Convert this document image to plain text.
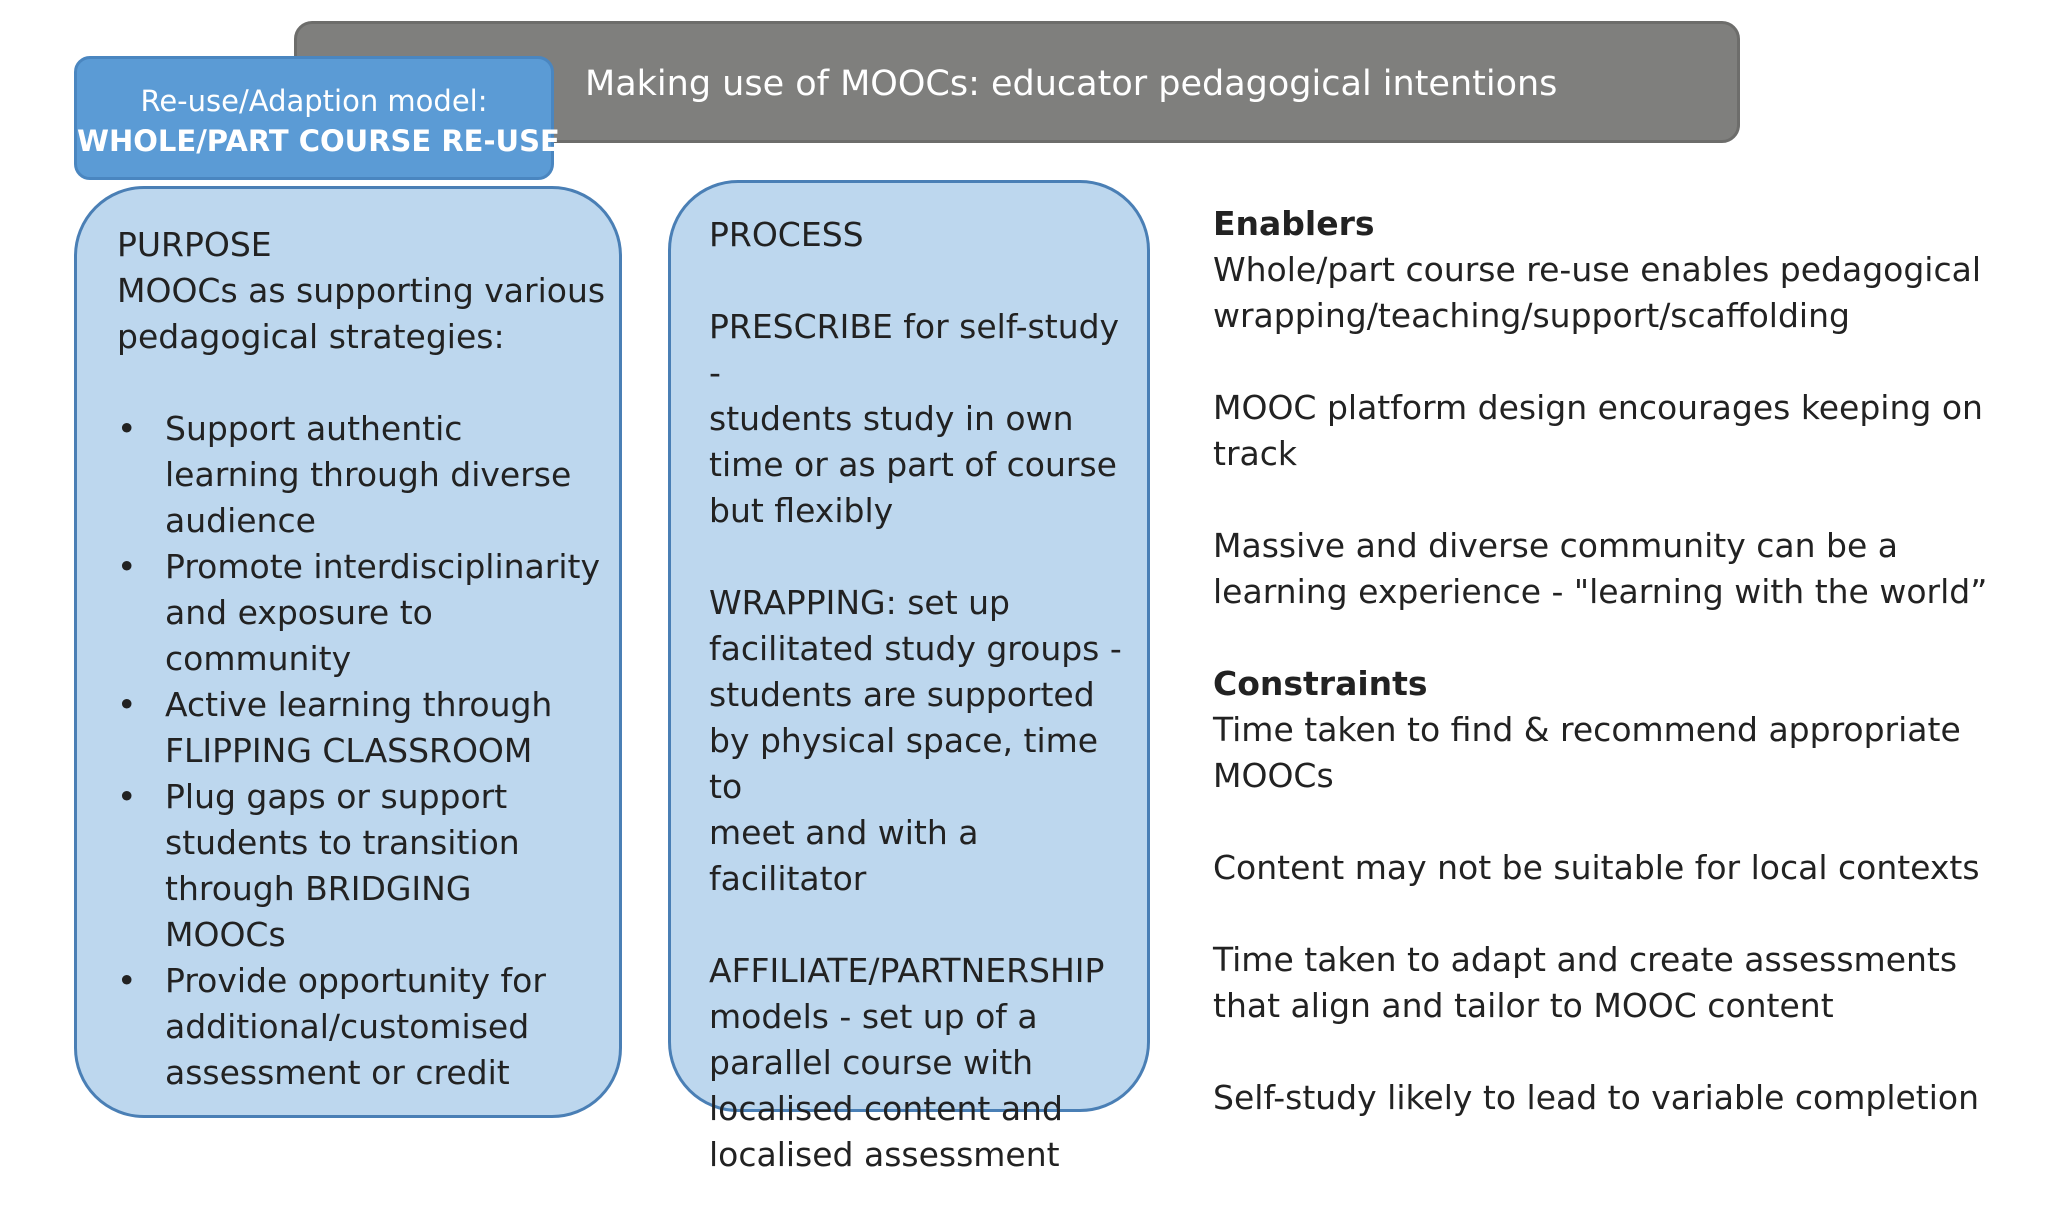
Making use of MOOCs: educator pedagogical intentions
Re-use/Adaption model:
WHOLE/PART COURSE RE-USE
PURPOSE
MOOCs as supporting various
pedagogical strategies:
• Support authentic
learning through diverse
audience
• Promote interdisciplinarity
and exposure to
community
• Active learning through
FLIPPING CLASSROOM
• Plug gaps or support
students to transition
through BRIDGING
MOOCs
• Provide opportunity for
additional/customised
assessment or credit

PROCESS

PRESCRIBE for self-study -
students study in own
time or as part of course
but flexibly

WRAPPING: set up
facilitated study groups -
students are supported
by physical space, time to
meet and with a
facilitator

AFFILIATE/PARTNERSHIP
models - set up of a
parallel course with
localised content and
localised assessment

Enablers
Whole/part course re-use enables pedagogical
wrapping/teaching/support/scaffolding

MOOC platform design encourages keeping on
track

Massive and diverse community can be a
learning experience - "learning with the world”

Constraints
Time taken to find & recommend appropriate
MOOCs

Content may not be suitable for local contexts

Time taken to adapt and create assessments
that align and tailor to MOOC content

Self-study likely to lead to variable completion
